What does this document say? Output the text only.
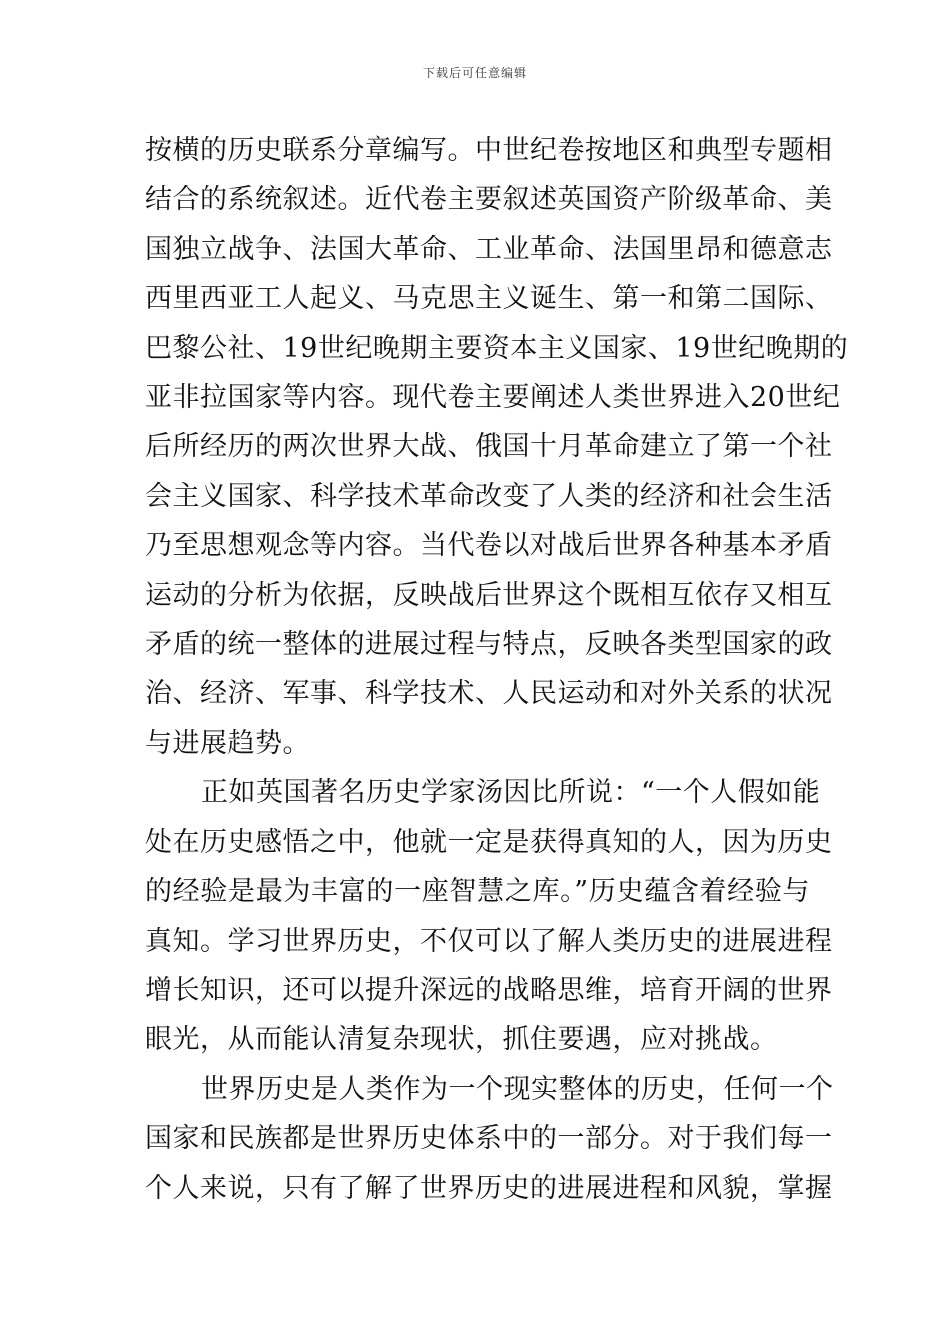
下载后可任意编辑

按横的历史联系分章编写。中世纪卷按地区和典型专题相
结合的系统叙述。近代卷主要叙述英国资产阶级革命、美
国独立战争、法国大革命、工业革命、法国里昂和德意志
西里西亚工人起义、马克思主义诞生、第一和第二国际、
巴黎公社、19世纪晚期主要资本主义国家、19世纪晚期的
亚非拉国家等内容。现代卷主要阐述人类世界进入20世纪
后所经历的两次世界大战、俄国十月革命建立了第一个社
会主义国家、科学技术革命改变了人类的经济和社会生活
乃至思想观念等内容。当代卷以对战后世界各种基本矛盾
运动的分析为依据，反映战后世界这个既相互依存又相互
矛盾的统一整体的进展过程与特点，反映各类型国家的政
治、经济、军事、科学技术、人民运动和对外关系的状况
与进展趋势。

正如英国著名历史学家汤因比所说：“一个人假如能
处在历史感悟之中，他就一定是获得真知的人，因为历史
的经验是最为丰富的一座智慧之库。”历史蕴含着经验与
真知。学习世界历史，不仅可以了解人类历史的进展进程
增长知识，还可以提升深远的战略思维，培育开阔的世界
眼光，从而能认清复杂现状，抓住要遇，应对挑战。

世界历史是人类作为一个现实整体的历史，任何一个
国家和民族都是世界历史体系中的一部分。对于我们每一
个人来说，只有了解了世界历史的进展进程和风貌，掌握
